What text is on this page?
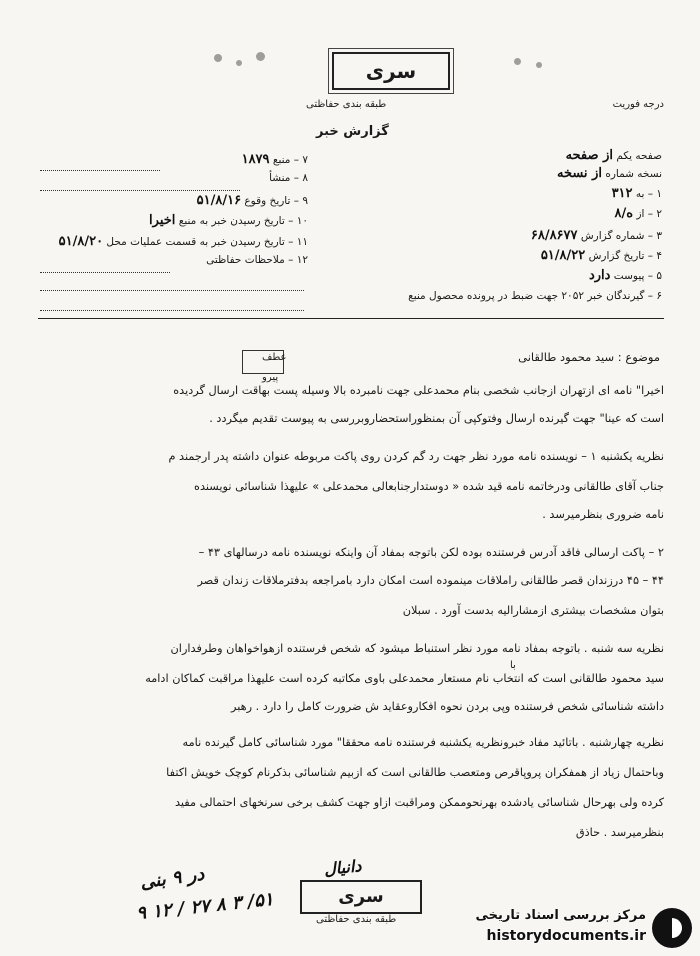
سری
درجه فوریت
طبقه بندی حفاظتی
گزارش خبر
صفحه یکم از صفحه
نسخه شماره از نسخه
۱ – به ۳۱۲
۲ – از ه/۸
۳ – شماره گزارش ۶۸/۸۶۷۷
۴ – تاریخ گزارش ۵۱/۸/۲۲
۵ – پیوست دارد
۶ – گیرندگان خبر ۲۰۵۲ جهت ضبط در پرونده محصول منبع
۷ – منبع ۱۸۷۹
۸ – منشأ
۹ – تاریخ وقوع ۵۱/۸/۱۶
۱۰ – تاریخ رسیدن خبر به منبع اخیرا
۱۱ – تاریخ رسیدن خبر به قسمت عملیات محل ۵۱/۸/۲۰
۱۲ – ملاحظات حفاظتی
عطف
پیرو
موضوع : سید محمود طالقانی
اخیرا" نامه ای ازتهران ازجانب شخصی بنام محمدعلی جهت نامبرده بالا وسیله پست بهاقت ارسال گردیده
است که عینا" جهت گیرنده ارسال وفتوکپی آن بمنظوراستحضاروبررسی به پیوست تقدیم میگردد .
نظریه یکشنبه ۱ – نویسنده نامه مورد نظر جهت رد گم کردن روی پاکت مربوطه عنوان داشته پدر ارجمند م
جناب آقای طالقانی ودرخاتمه نامه قید شده « دوستدارجنابعالی محمدعلی » علیهذا شناسائی نویسنده
نامه ضروری بنظرمیرسد .
۲ – پاکت ارسالی فاقد آدرس فرستنده بوده لکن باتوجه بمفاد آن واینکه نویسنده نامه درسالهای ۴۳ –
۴۴ – ۴۵ درزندان قصر طالقانی راملاقات مینموده است امکان دارد بامراجعه بدفترملاقات زندان قصر
بتوان مشخصات بیشتری ازمشارالیه بدست آورد . سبلان
نظریه سه شنبه . باتوجه بمفاد نامه مورد نظر استنباط میشود که شخص فرستنده ازهواخواهان وطرفداران
با
سید محمود طالقانی است که انتخاب نام مستعار محمدعلی باوی مکاتبه کرده است علیهذا مراقبت کماکان ادامه
داشته شناسائی شخص فرستنده وپی بردن نحوه افکاروعقاید ش ضرورت کامل را دارد . رهبر
نظریه چهارشنبه . باتائید مفاد خبرونظریه یکشنبه فرستنده نامه محققا" مورد شناسائی کامل گیرنده نامه
وباحتمال زیاد از همفکران پروپاقرص ومتعصب طالقانی است که ازبیم شناسائی بذکرنام کوچک خویش اکتفا
کرده ولی بهرحال شناسائی یادشده بهرنحوممکن ومراقبت ازاو جهت کشف برخی سرنخهای احتمالی مفید
بنظرمیرسد . حاذق
سری
طبقه بندی حفاظتی
دانیال
در ۹ بنی
۹ ۱۲ / ۲۷ ۸ ۳ /۵۱	مرکز بررسی اسناد تاریخی
historydocuments.ir
